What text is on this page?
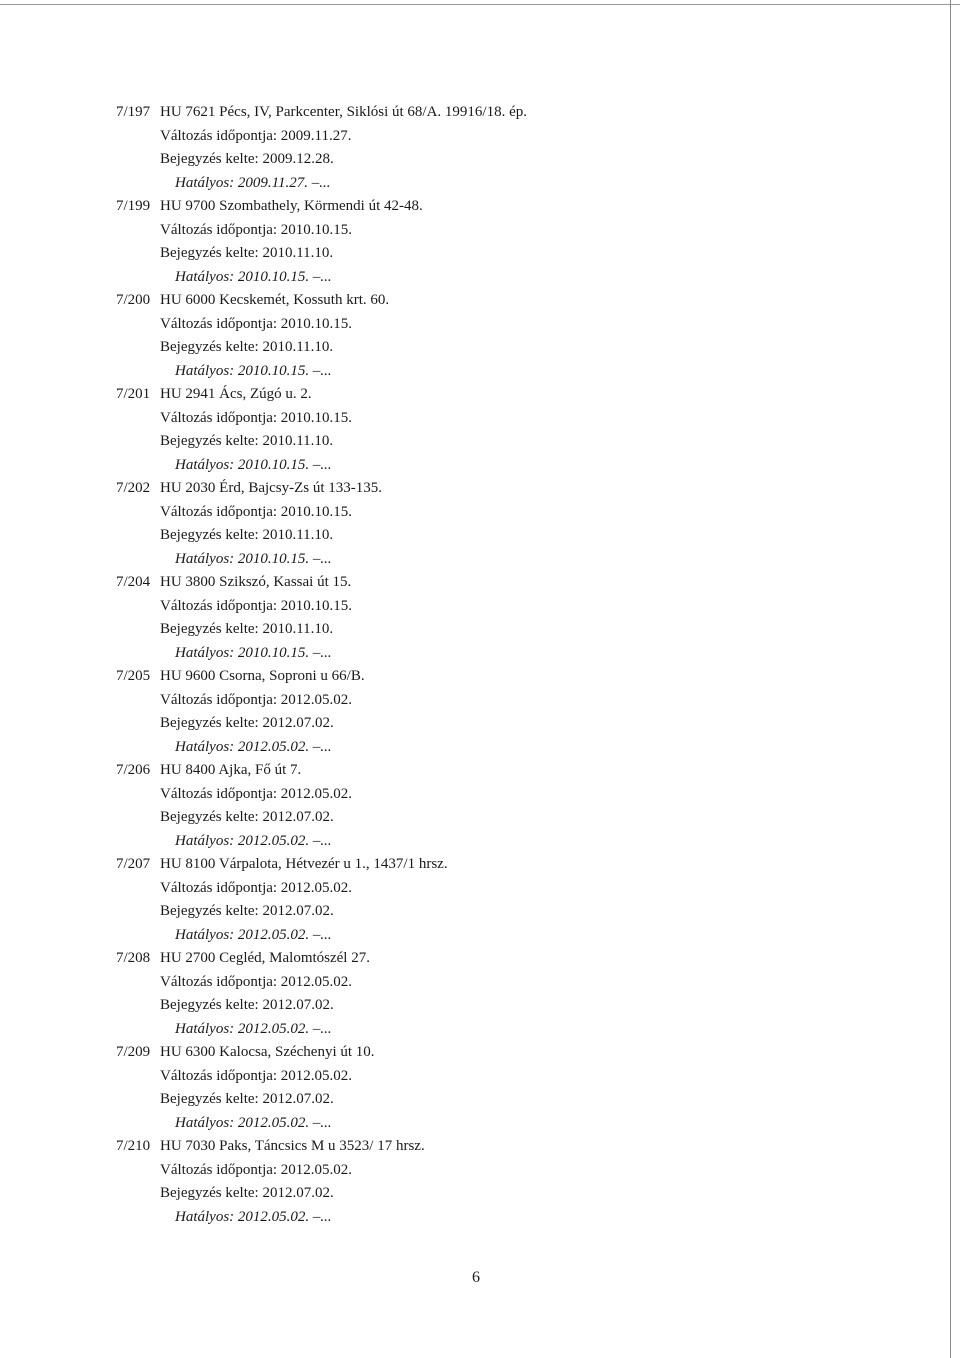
7/197 HU 7621 Pécs, IV, Parkcenter, Siklósi út 68/A. 19916/18. ép.
Változás időpontja: 2009.11.27.
Bejegyzés kelte: 2009.12.28.
Hatályos: 2009.11.27. –...
7/199 HU 9700 Szombathely, Körmendi út 42-48.
Változás időpontja: 2010.10.15.
Bejegyzés kelte: 2010.11.10.
Hatályos: 2010.10.15. –...
7/200 HU 6000 Kecskemét, Kossuth krt. 60.
Változás időpontja: 2010.10.15.
Bejegyzés kelte: 2010.11.10.
Hatályos: 2010.10.15. –...
7/201 HU 2941 Ács, Zúgó u. 2.
Változás időpontja: 2010.10.15.
Bejegyzés kelte: 2010.11.10.
Hatályos: 2010.10.15. –...
7/202 HU 2030 Érd, Bajcsy-Zs út 133-135.
Változás időpontja: 2010.10.15.
Bejegyzés kelte: 2010.11.10.
Hatályos: 2010.10.15. –...
7/204 HU 3800 Szikszó, Kassai út 15.
Változás időpontja: 2010.10.15.
Bejegyzés kelte: 2010.11.10.
Hatályos: 2010.10.15. –...
7/205 HU 9600 Csorna, Soproni u 66/B.
Változás időpontja: 2012.05.02.
Bejegyzés kelte: 2012.07.02.
Hatályos: 2012.05.02. –...
7/206 HU 8400 Ajka, Fő út 7.
Változás időpontja: 2012.05.02.
Bejegyzés kelte: 2012.07.02.
Hatályos: 2012.05.02. –...
7/207 HU 8100 Várpalota, Hétvezér u 1., 1437/1 hrsz.
Változás időpontja: 2012.05.02.
Bejegyzés kelte: 2012.07.02.
Hatályos: 2012.05.02. –...
7/208 HU 2700 Cegléd, Malomtószél 27.
Változás időpontja: 2012.05.02.
Bejegyzés kelte: 2012.07.02.
Hatályos: 2012.05.02. –...
7/209 HU 6300 Kalocsa, Széchenyi út 10.
Változás időpontja: 2012.05.02.
Bejegyzés kelte: 2012.07.02.
Hatályos: 2012.05.02. –...
7/210 HU 7030 Paks, Táncsics M u 3523/ 17 hrsz.
Változás időpontja: 2012.05.02.
Bejegyzés kelte: 2012.07.02.
Hatályos: 2012.05.02. –...
6
